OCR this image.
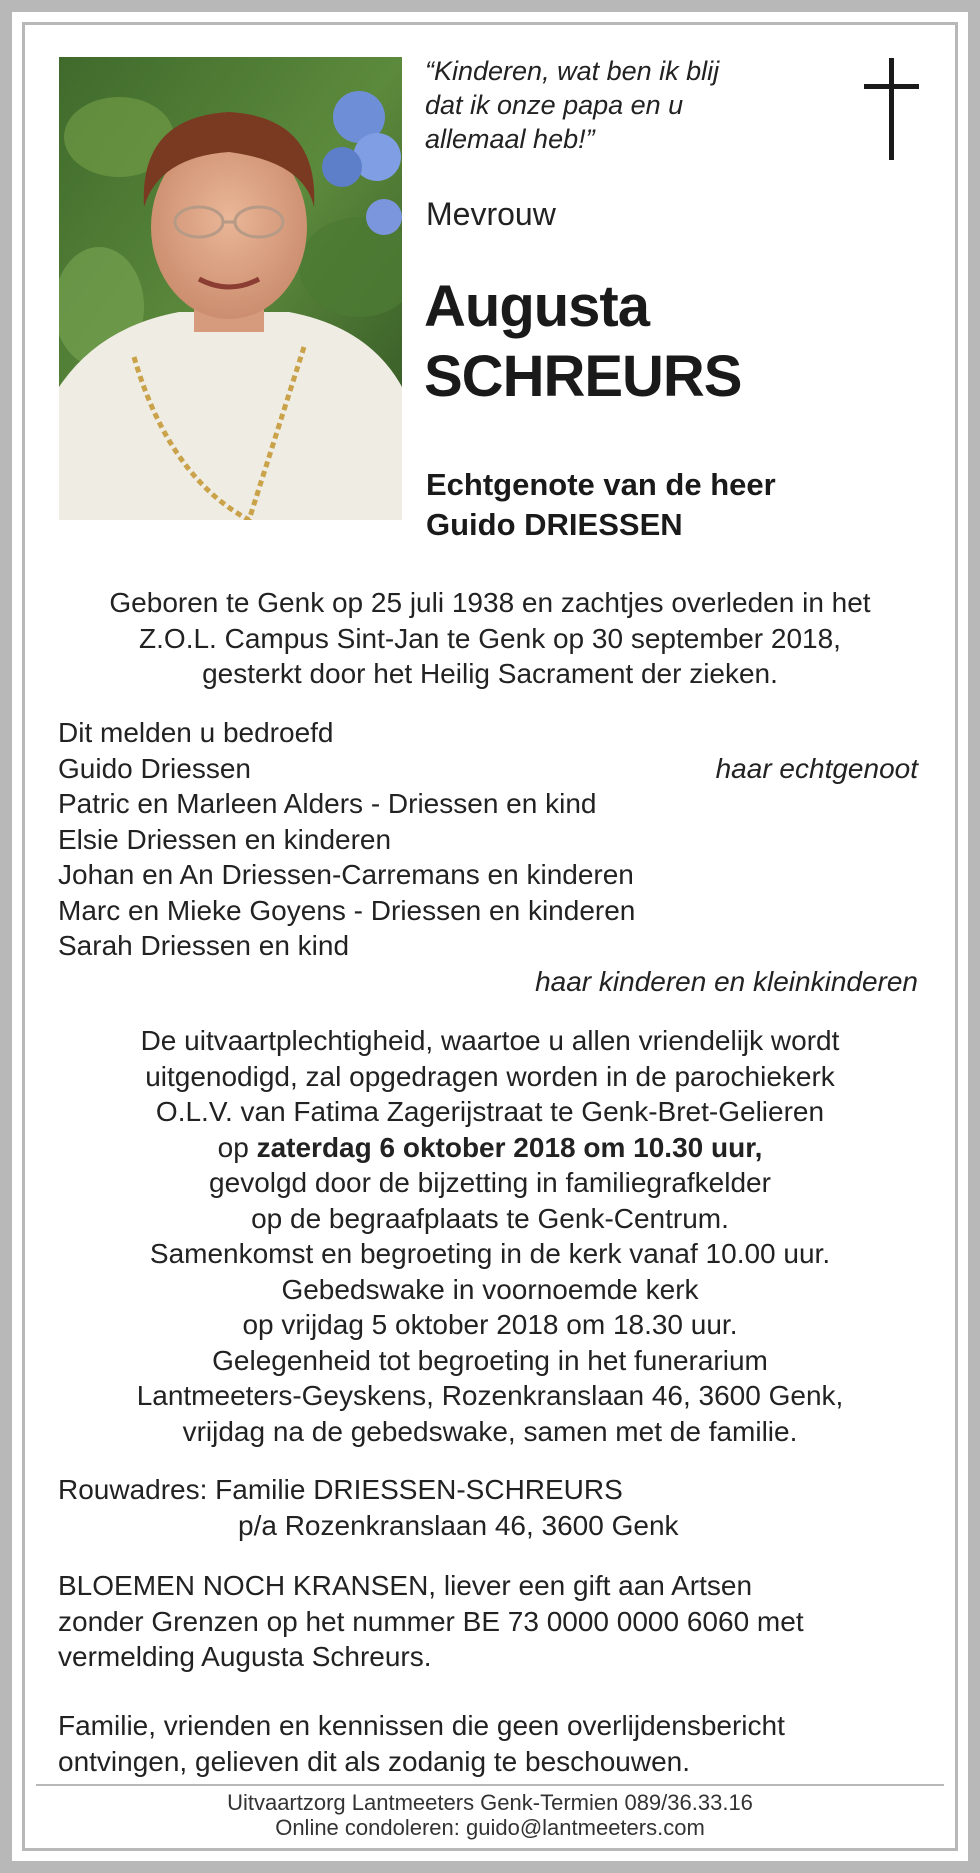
“Kinderen, wat ben ik blij
dat ik onze papa en u
allemaal heb!”
Mevrouw
Augusta
SCHREURS
Echtgenote van de heer
Guido DRIESSEN
Geboren te Genk op 25 juli 1938 en zachtjes overleden in het
Z.O.L. Campus Sint-Jan te Genk op 30 september 2018,
gesterkt door het Heilig Sacrament der zieken.
Dit melden u bedroefd
Guido Driessen	haar echtgenoot
Patric en Marleen Alders - Driessen en kind
Elsie Driessen en kinderen
Johan en An Driessen-Carremans en kinderen
Marc en Mieke Goyens - Driessen en kinderen
Sarah Driessen en kind
haar kinderen en kleinkinderen
De uitvaartplechtigheid, waartoe u allen vriendelijk wordt
uitgenodigd, zal opgedragen worden in de parochiekerk
O.L.V. van Fatima Zagerijstraat te Genk-Bret-Gelieren
op zaterdag 6 oktober 2018 om 10.30 uur,
gevolgd door de bijzetting in familiegrafkelder
op de begraafplaats te Genk-Centrum.
Samenkomst en begroeting in de kerk vanaf 10.00 uur.
Gebedswake in voornoemde kerk
op vrijdag 5 oktober 2018 om 18.30 uur.
Gelegenheid tot begroeting in het funerarium
Lantmeeters-Geyskens, Rozenkranslaan 46, 3600 Genk,
vrijdag na de gebedswake, samen met de familie.
Rouwadres: Familie DRIESSEN-SCHREURS
p/a Rozenkranslaan 46, 3600 Genk
BLOEMEN NOCH KRANSEN, liever een gift aan Artsen
zonder Grenzen op het nummer BE 73 0000 0000 6060 met
vermelding Augusta Schreurs.
Familie, vrienden en kennissen die geen overlijdensbericht
ontvingen, gelieven dit als zodanig te beschouwen.
Uitvaartzorg Lantmeeters Genk-Termien 089/36.33.16
Online condoleren: guido@lantmeeters.com
